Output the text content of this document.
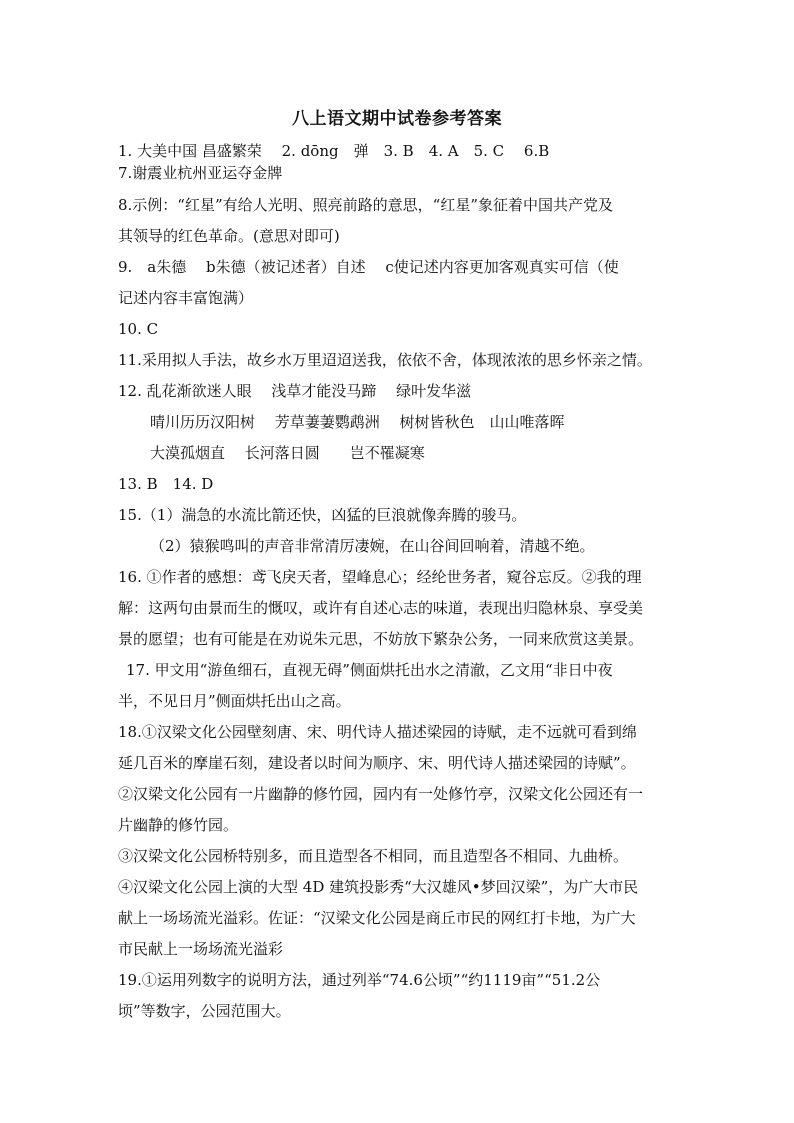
八上语文期中试卷参考答案
1. 大美中国 昌盛繁荣　 2. dōng　弹　3. B　4. A　5. C　 6.B
7.谢震业杭州亚运夺金牌
8.示例：“红星”有给人光明、照亮前路的意思，“红星”象征着中国共产党及
其领导的红色革命。(意思对即可)
9.　a朱德　 b朱德（被记述者）自述　 c使记述内容更加客观真实可信（使
记述内容丰富饱满）
10. C
11.采用拟人手法，故乡水万里迢迢送我，依依不舍，体现浓浓的思乡怀亲之情。
12. 乱花渐欲迷人眼　 浅草才能没马蹄　 绿叶发华滋
晴川历历汉阳树　 芳草萋萋鹦鹉洲　 树树皆秋色　山山唯落晖
大漠孤烟直　 长河落日圆　　岂不罹凝寒
13. B　14. D
15.（1）湍急的水流比箭还快，凶猛的巨浪就像奔腾的骏马。
（2）猿猴鸣叫的声音非常清厉凄婉，在山谷间回响着，清越不绝。
16. ①作者的感想：鸢飞戾天者，望峰息心；经纶世务者，窥谷忘反。②我的理
解：这两句由景而生的慨叹，或许有自述心志的味道，表现出归隐林泉、享受美
景的愿望；也有可能是在劝说朱元思，不妨放下繁杂公务，一同来欣赏这美景。
17. 甲文用“游鱼细石，直视无碍”侧面烘托出水之清澈，乙文用“非日中夜
半，不见日月”侧面烘托出山之高。
18.①汉梁文化公园壁刻唐、宋、明代诗人描述梁园的诗赋，走不远就可看到绵
延几百米的摩崖石刻，建设者以时间为顺序、宋、明代诗人描述梁园的诗赋”。
②汉梁文化公园有一片幽静的修竹园，园内有一处修竹亭，汉梁文化公园还有一
片幽静的修竹园。
③汉梁文化公园桥特别多，而且造型各不相同，而且造型各不相同、九曲桥。
④汉梁文化公园上演的大型 4D 建筑投影秀“大汉雄风•梦回汉梁”，为广大市民
献上一场场流光溢彩。佐证：“汉梁文化公园是商丘市民的网红打卡地，为广大
市民献上一场场流光溢彩
19.①运用列数字的说明方法，通过列举“74.6公顷”“约1119亩”“51.2公
顷”等数字，公园范围大。
